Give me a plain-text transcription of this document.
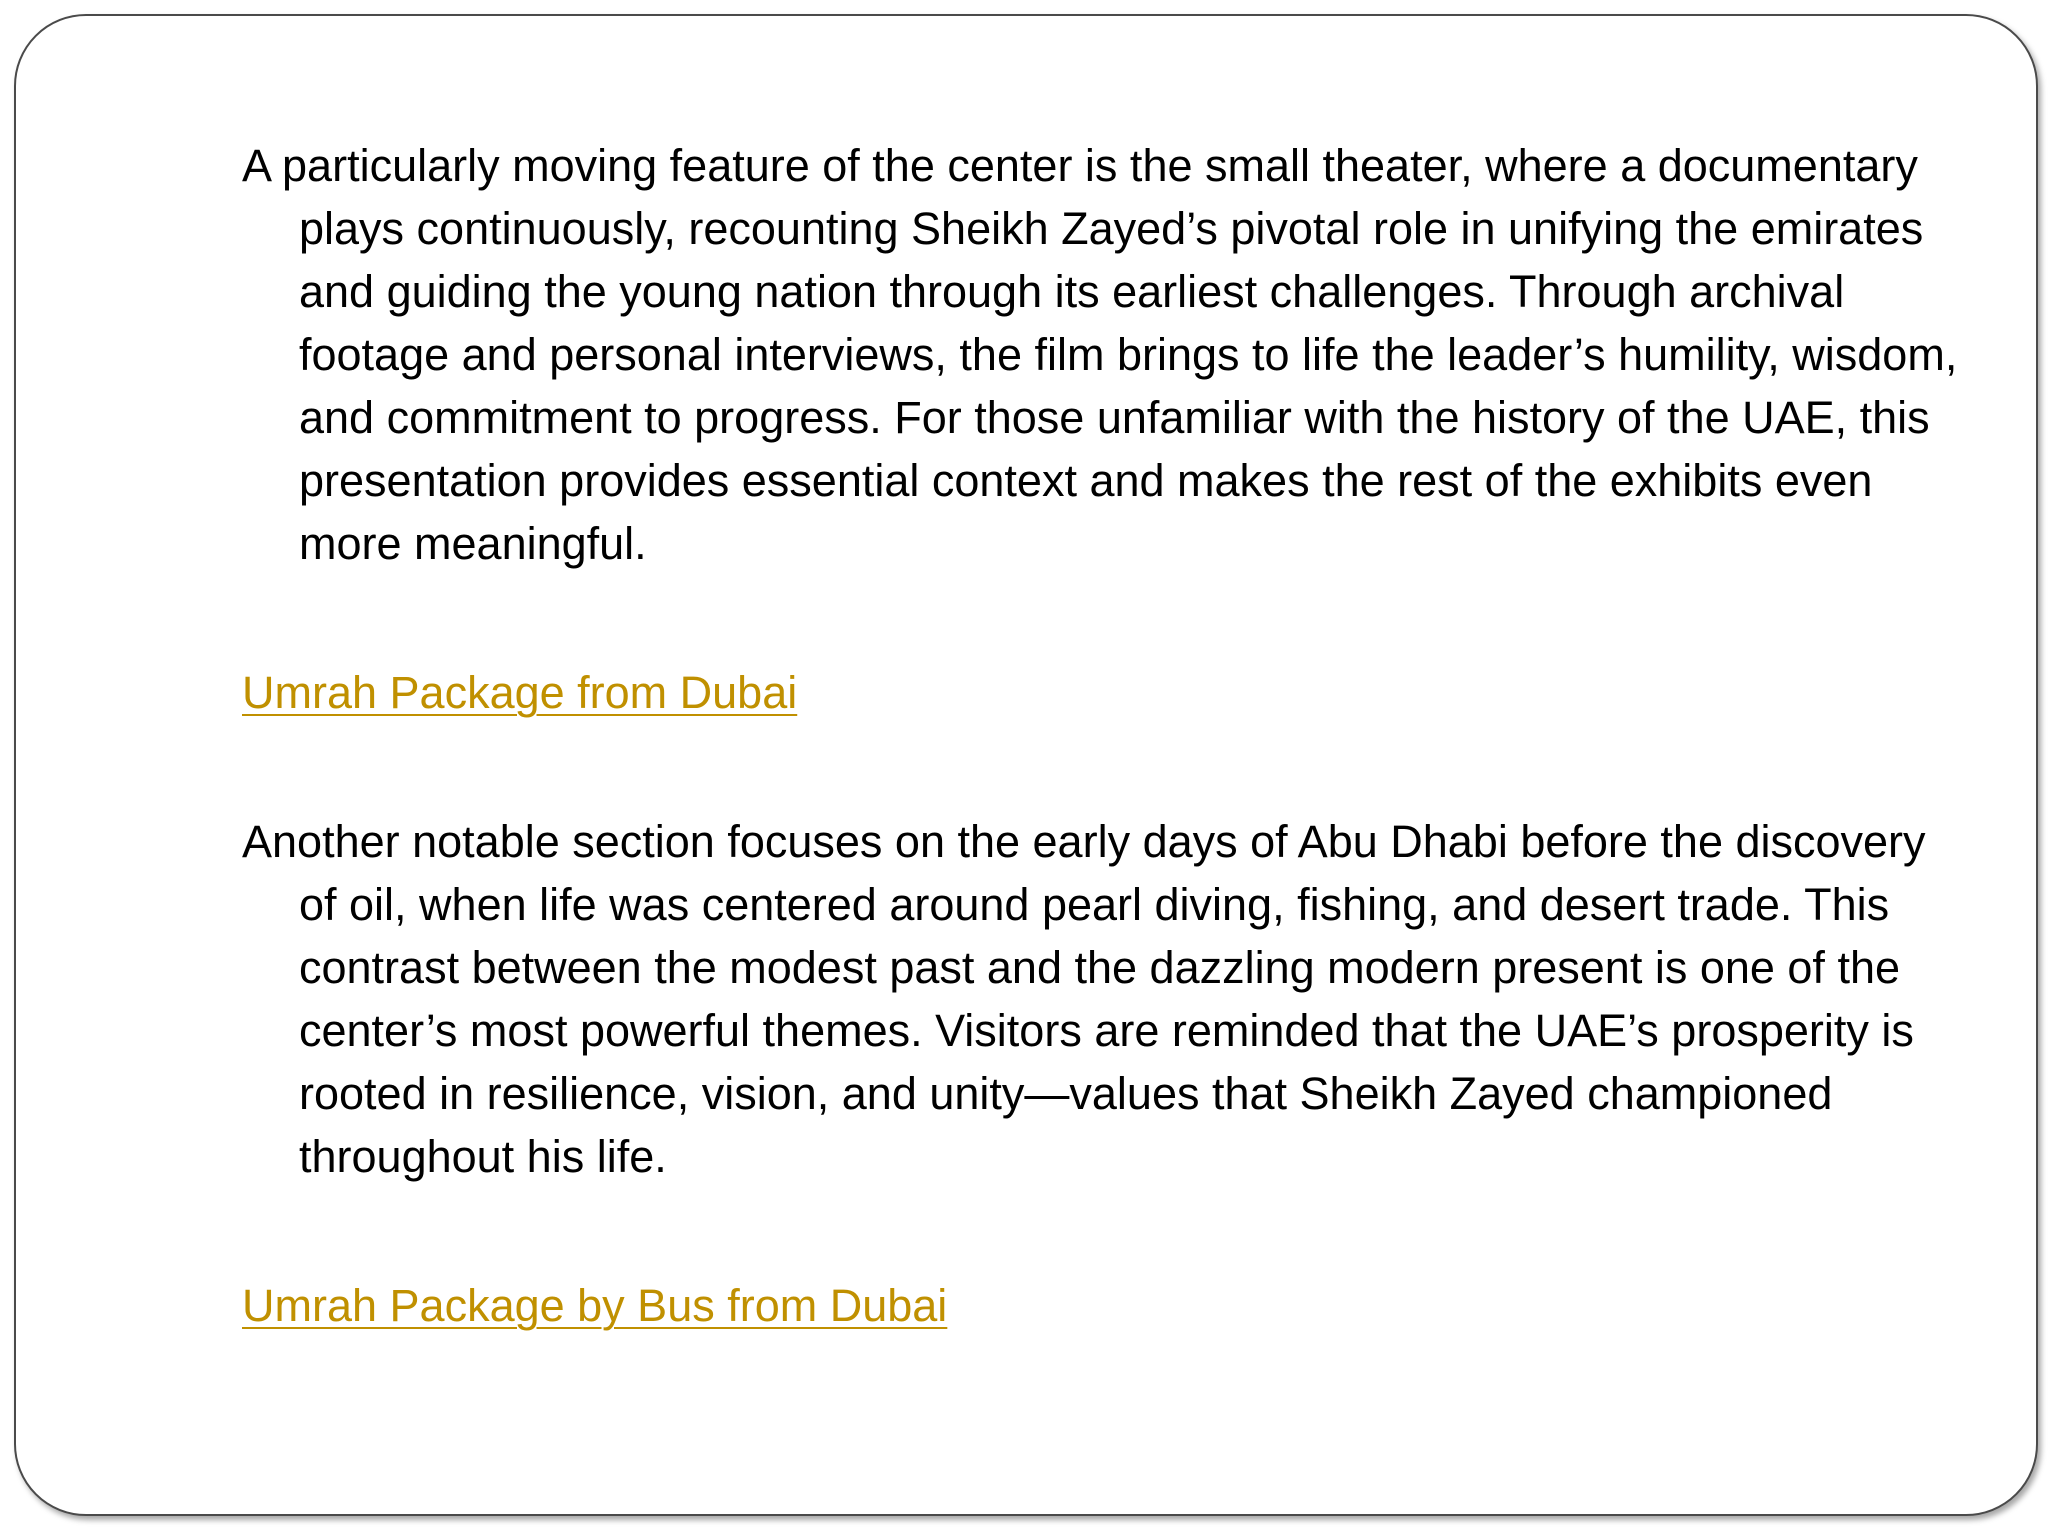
A particularly moving feature of the center is the small theater, where a documentary plays continuously, recounting Sheikh Zayed’s pivotal role in unifying the emirates and guiding the young nation through its earliest challenges. Through archival footage and personal interviews, the film brings to life the leader’s humility, wisdom, and commitment to progress. For those unfamiliar with the history of the UAE, this presentation provides essential context and makes the rest of the exhibits even more meaningful.

Umrah Package from Dubai

Another notable section focuses on the early days of Abu Dhabi before the discovery of oil, when life was centered around pearl diving, fishing, and desert trade. This contrast between the modest past and the dazzling modern present is one of the center’s most powerful themes. Visitors are reminded that the UAE’s prosperity is rooted in resilience, vision, and unity—values that Sheikh Zayed championed throughout his life.

Umrah Package by Bus from Dubai
